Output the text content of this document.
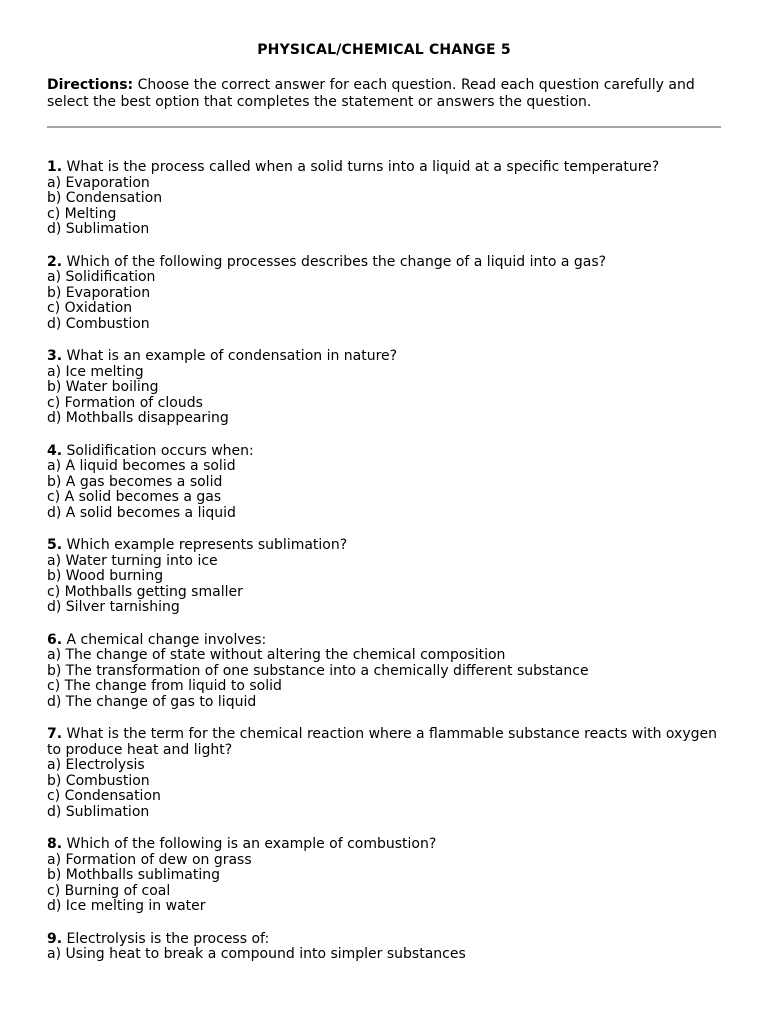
PHYSICAL/CHEMICAL CHANGE 5
Directions: Choose the correct answer for each question. Read each question carefully and select the best option that completes the statement or answers the question.
1. What is the process called when a solid turns into a liquid at a specific temperature?
a) Evaporation
b) Condensation
c) Melting
d) Sublimation
2. Which of the following processes describes the change of a liquid into a gas?
a) Solidification
b) Evaporation
c) Oxidation
d) Combustion
3. What is an example of condensation in nature?
a) Ice melting
b) Water boiling
c) Formation of clouds
d) Mothballs disappearing
4. Solidification occurs when:
a) A liquid becomes a solid
b) A gas becomes a solid
c) A solid becomes a gas
d) A solid becomes a liquid
5. Which example represents sublimation?
a) Water turning into ice
b) Wood burning
c) Mothballs getting smaller
d) Silver tarnishing
6. A chemical change involves:
a) The change of state without altering the chemical composition
b) The transformation of one substance into a chemically different substance
c) The change from liquid to solid
d) The change of gas to liquid
7. What is the term for the chemical reaction where a flammable substance reacts with oxygen to produce heat and light?
a) Electrolysis
b) Combustion
c) Condensation
d) Sublimation
8. Which of the following is an example of combustion?
a) Formation of dew on grass
b) Mothballs sublimating
c) Burning of coal
d) Ice melting in water
9. Electrolysis is the process of:
a) Using heat to break a compound into simpler substances
